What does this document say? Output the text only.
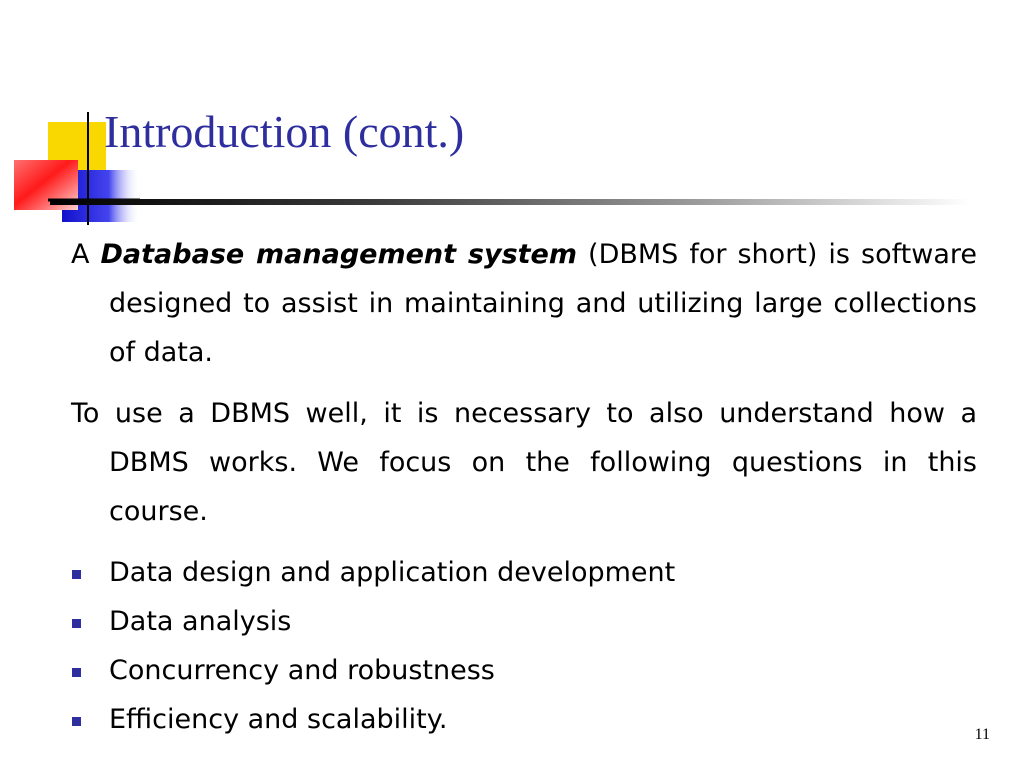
Introduction (cont.)

A Database management system (DBMS for short) is software designed to assist in maintaining and utilizing large collections of data.

To use a DBMS well, it is necessary to also understand how a DBMS works. We focus on the following questions in this course.

Data design and application development
Data analysis
Concurrency and robustness
Efficiency and scalability.	11
